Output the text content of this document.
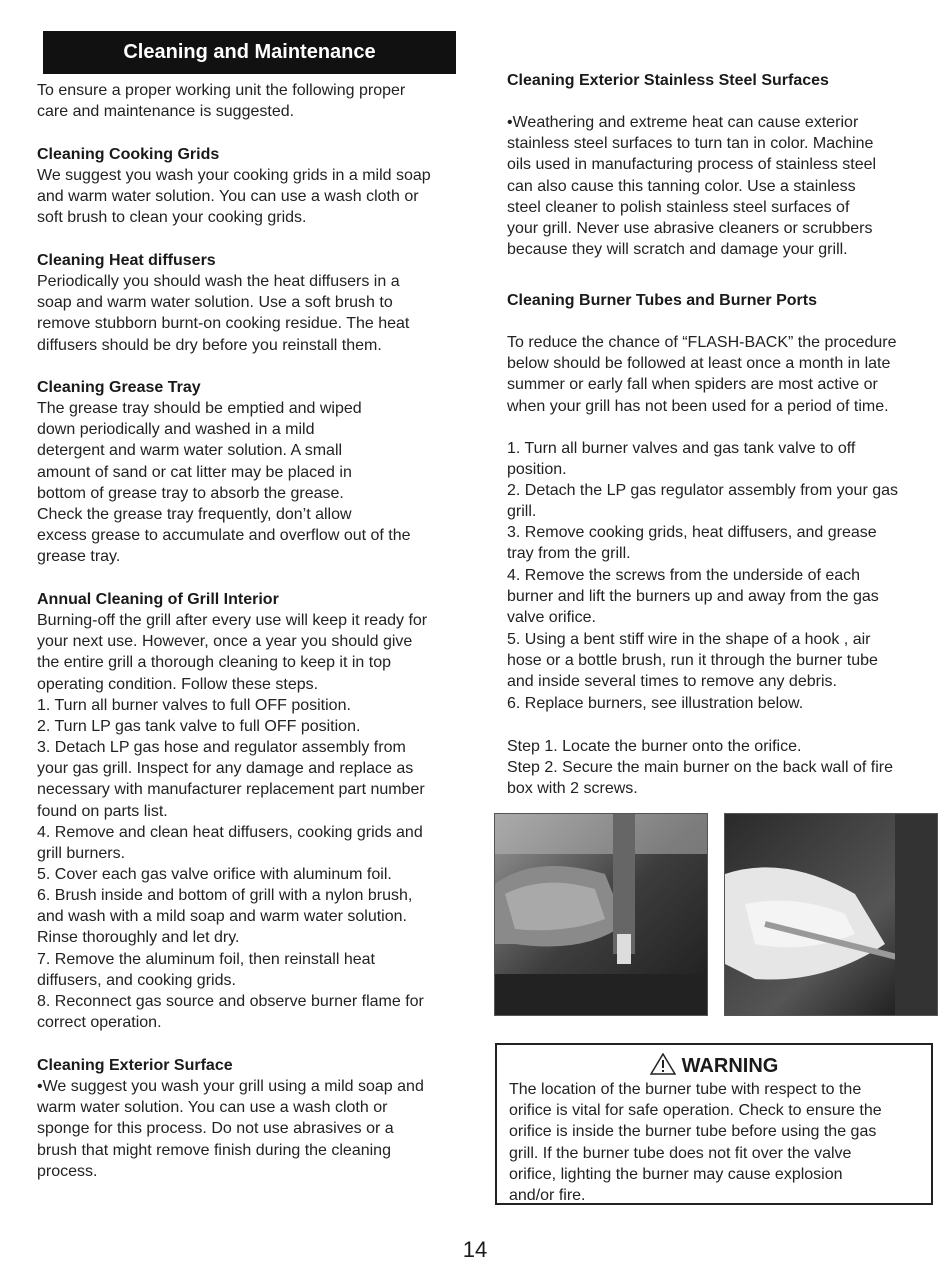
Cleaning and Maintenance
To ensure a proper working unit the following proper
care and maintenance is suggested.
Cleaning Cooking Grids
We suggest you wash your cooking grids in a mild soap
and warm water solution. You can use a wash cloth or
soft brush to clean your cooking grids.
Cleaning Heat diffusers
Periodically you should wash the heat diffusers in a
soap and warm water solution. Use a soft brush to
remove stubborn burnt-on cooking residue. The heat
diffusers should be dry before you reinstall them.
Cleaning Grease Tray
The grease tray should be emptied and wiped
down periodically and washed in a mild
detergent and warm water solution. A small
amount of sand or cat litter may be placed in
bottom of grease tray to absorb the grease.
Check the grease tray frequently, don’t allow
excess grease to accumulate and overflow out of the
grease tray.
Annual Cleaning of Grill Interior
Burning-off the grill after every use will keep it ready for
your next use. However, once a year you should give
the entire grill a thorough cleaning to keep it in top
operating condition. Follow these steps.
1. Turn all burner valves to full OFF position.
2. Turn LP gas tank valve to full OFF position.
3. Detach LP gas hose and regulator assembly from
your gas grill. Inspect for any damage and replace as
necessary with manufacturer replacement part number
found on parts list.
4. Remove and clean heat diffusers, cooking grids and
grill burners.
5. Cover each gas valve orifice with aluminum foil.
6. Brush inside and bottom of grill with a nylon brush,
and wash with a mild soap and warm water solution.
Rinse thoroughly and let dry.
7. Remove the aluminum foil, then reinstall heat
diffusers, and cooking grids.
8. Reconnect gas source and observe burner flame for
correct operation.
Cleaning Exterior Surface
•We suggest you wash your grill using a mild soap and
warm water solution. You can use a wash cloth or
sponge for this process. Do not use abrasives or a
brush that might remove finish during the cleaning
process.
Cleaning Exterior Stainless Steel Surfaces
•Weathering and extreme heat can cause exterior
stainless steel surfaces to turn tan in color. Machine
oils used in manufacturing process of stainless steel
can also cause this tanning color. Use a stainless
steel cleaner to polish stainless steel surfaces of
your grill. Never use abrasive cleaners or scrubbers
because they will scratch and damage your grill.
Cleaning Burner Tubes and Burner Ports
To reduce the chance of “FLASH-BACK” the procedure
below should be followed at least once a month in late
summer or early fall when spiders are most active or
when your grill has not been used for a period of time.
1. Turn all burner valves and gas tank valve to off
position.
2. Detach the LP gas regulator assembly from your gas
grill.
3. Remove cooking grids, heat diffusers, and grease
tray from the grill.
4. Remove the screws from the underside of each
burner and lift the burners up and away from the gas
valve orifice.
5. Using a bent stiff wire in the shape of a hook , air
hose or a bottle brush, run it through the burner tube
and inside several times to remove any debris.
6. Replace burners, see illustration below.
Step 1. Locate the burner onto the orifice.
Step 2. Secure the main burner on the back wall of fire
box with 2 screws.
WARNING
The location of the burner tube with respect to the
orifice is vital for safe operation. Check to ensure the
orifice is inside the burner tube before using the gas
grill. If the burner tube does not fit over the valve
orifice, lighting the burner may cause explosion
and/or fire.
14
